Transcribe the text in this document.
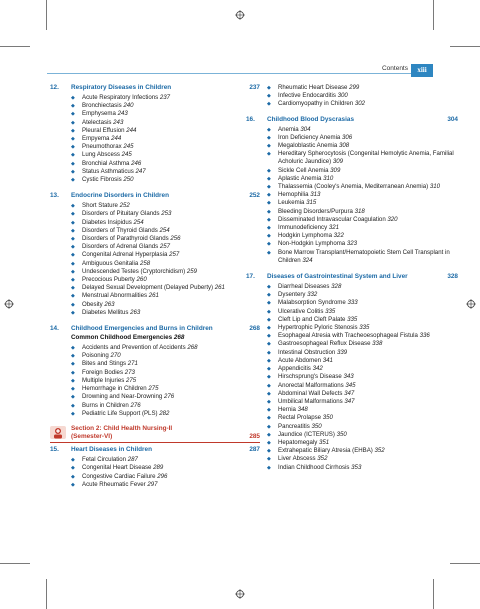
Contents	xiii
12.	Respiratory Diseases in Children	237
◆	Acute Respiratory Infections 237
◆	Bronchiectasis 240
◆	Emphysema 243
◆	Atelectasis 243
◆	Pleural Effusion 244
◆	Empyema 244
◆	Pneumothorax 245
◆	Lung Abscess 245
◆	Bronchial Asthma 246
◆	Status Asthmaticus 247
◆	Cystic Fibrosis 250
13.	Endocrine Disorders in Children	252
◆	Short Stature 252
◆	Disorders of Pituitary Glands 253
◆	Diabetes Insipidus 254
◆	Disorders of Thyroid Glands 254
◆	Disorders of Parathyroid Glands 256
◆	Disorders of Adrenal Glands 257
◆	Congenital Adrenal Hyperplasia 257
◆	Ambiguous Genitalia 258
◆	Undescended Testes (Cryptorchidism) 259
◆	Precocious Puberty 260
◆	Delayed Sexual Development (Delayed Puberty) 261
◆	Menstrual Abnormalities 261
◆	Obesity 263
◆	Diabetes Mellitus 263
14.	Childhood Emergencies and Burns in Children	268
Common Childhood Emergencies 268
◆	Accidents and Prevention of Accidents 268
◆	Poisoning 270
◆	Bites and Stings 271
◆	Foreign Bodies 273
◆	Multiple Injuries 275
◆	Hemorrhage in Children 275
◆	Drowning and Near-Drowning 276
◆	Burns in Children 276
◆	Pediatric Life Support (PLS) 282
Section 2: Child Health Nursing-II
(Semester-VI)	285
15.	Heart Diseases in Children	287
◆	Fetal Circulation 287
◆	Congenital Heart Disease 289
◆	Congestive Cardiac Failure 296
◆	Acute Rheumatic Fever 297
◆	Rheumatic Heart Disease 299
◆	Infective Endocarditis 300
◆	Cardiomyopathy in Children 302
16.	Childhood Blood Dyscrasias	304
◆	Anemia 304
◆	Iron Deficiency Anemia 306
◆	Megaloblastic Anemia 308
◆	Hereditary Spherocytosis (Congenital Hemolytic Anemia, Familial Acholuric Jaundice) 309
◆	Sickle Cell Anemia 309
◆	Aplastic Anemia 310
◆	Thalassemia (Cooley's Anemia, Mediterranean Anemia) 310
◆	Hemophilia 313
◆	Leukemia 315
◆	Bleeding Disorders/Purpura 318
◆	Disseminated Intravascular Coagulation 320
◆	Immunodeficiency 321
◆	Hodgkin Lymphoma 322
◆	Non-Hodgkin Lymphoma 323
◆	Bone Marrow Transplant/Hematopoietic Stem Cell Transplant in Children 324
17.	Diseases of Gastrointestinal System and Liver	328
◆	Diarrheal Diseases 328
◆	Dysentery 332
◆	Malabsorption Syndrome 333
◆	Ulcerative Colitis 335
◆	Cleft Lip and Cleft Palate 335
◆	Hypertrophic Pyloric Stenosis 335
◆	Esophageal Atresia with Tracheoesophageal Fistula 336
◆	Gastroesophageal Reflux Disease 338
◆	Intestinal Obstruction 339
◆	Acute Abdomen 341
◆	Appendicitis 342
◆	Hirschsprung's Disease 343
◆	Anorectal Malformations 345
◆	Abdominal Wall Defects 347
◆	Umbilical Malformations 347
◆	Hernia 348
◆	Rectal Prolapse 350
◆	Pancreatitis 350
◆	Jaundice (ICTERUS) 350
◆	Hepatomegaly 351
◆	Extrahepatic Biliary Atresia (EHBA) 352
◆	Liver Abscess 352
◆	Indian Childhood Cirrhosis 353
